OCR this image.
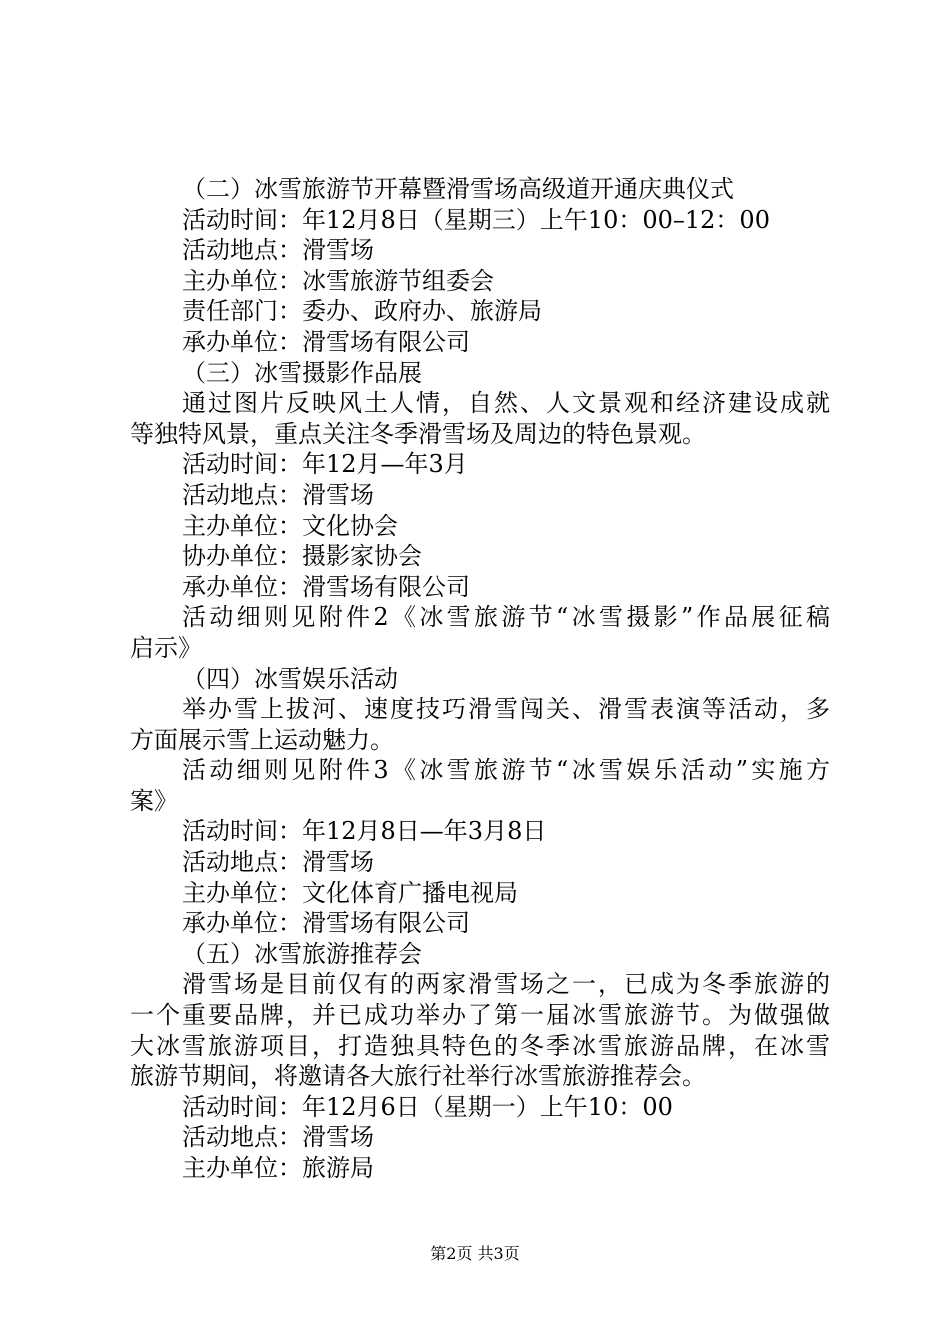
（二）冰雪旅游节开幕暨滑雪场高级道开通庆典仪式
活动时间：年12月8日（星期三）上午10：00–12：00
活动地点：滑雪场
主办单位：冰雪旅游节组委会
责任部门：委办、政府办、旅游局
承办单位：滑雪场有限公司
（三）冰雪摄影作品展
通过图片反映风土人情，自然、人文景观和经济建设成就
等独特风景，重点关注冬季滑雪场及周边的特色景观。
活动时间：年12月—年3月
活动地点：滑雪场
主办单位：文化协会
协办单位：摄影家协会
承办单位：滑雪场有限公司
活动细则见附件2《冰雪旅游节“冰雪摄影”作品展征稿
启示》
（四）冰雪娱乐活动
举办雪上拔河、速度技巧滑雪闯关、滑雪表演等活动，多
方面展示雪上运动魅力。
活动细则见附件3《冰雪旅游节“冰雪娱乐活动”实施方
案》
活动时间：年12月8日—年3月8日
活动地点：滑雪场
主办单位：文化体育广播电视局
承办单位：滑雪场有限公司
（五）冰雪旅游推荐会
滑雪场是目前仅有的两家滑雪场之一，已成为冬季旅游的
一个重要品牌，并已成功举办了第一届冰雪旅游节。为做强做
大冰雪旅游项目，打造独具特色的冬季冰雪旅游品牌，在冰雪
旅游节期间，将邀请各大旅行社举行冰雪旅游推荐会。
活动时间：年12月6日（星期一）上午10：00
活动地点：滑雪场
主办单位：旅游局
第2页 共3页
